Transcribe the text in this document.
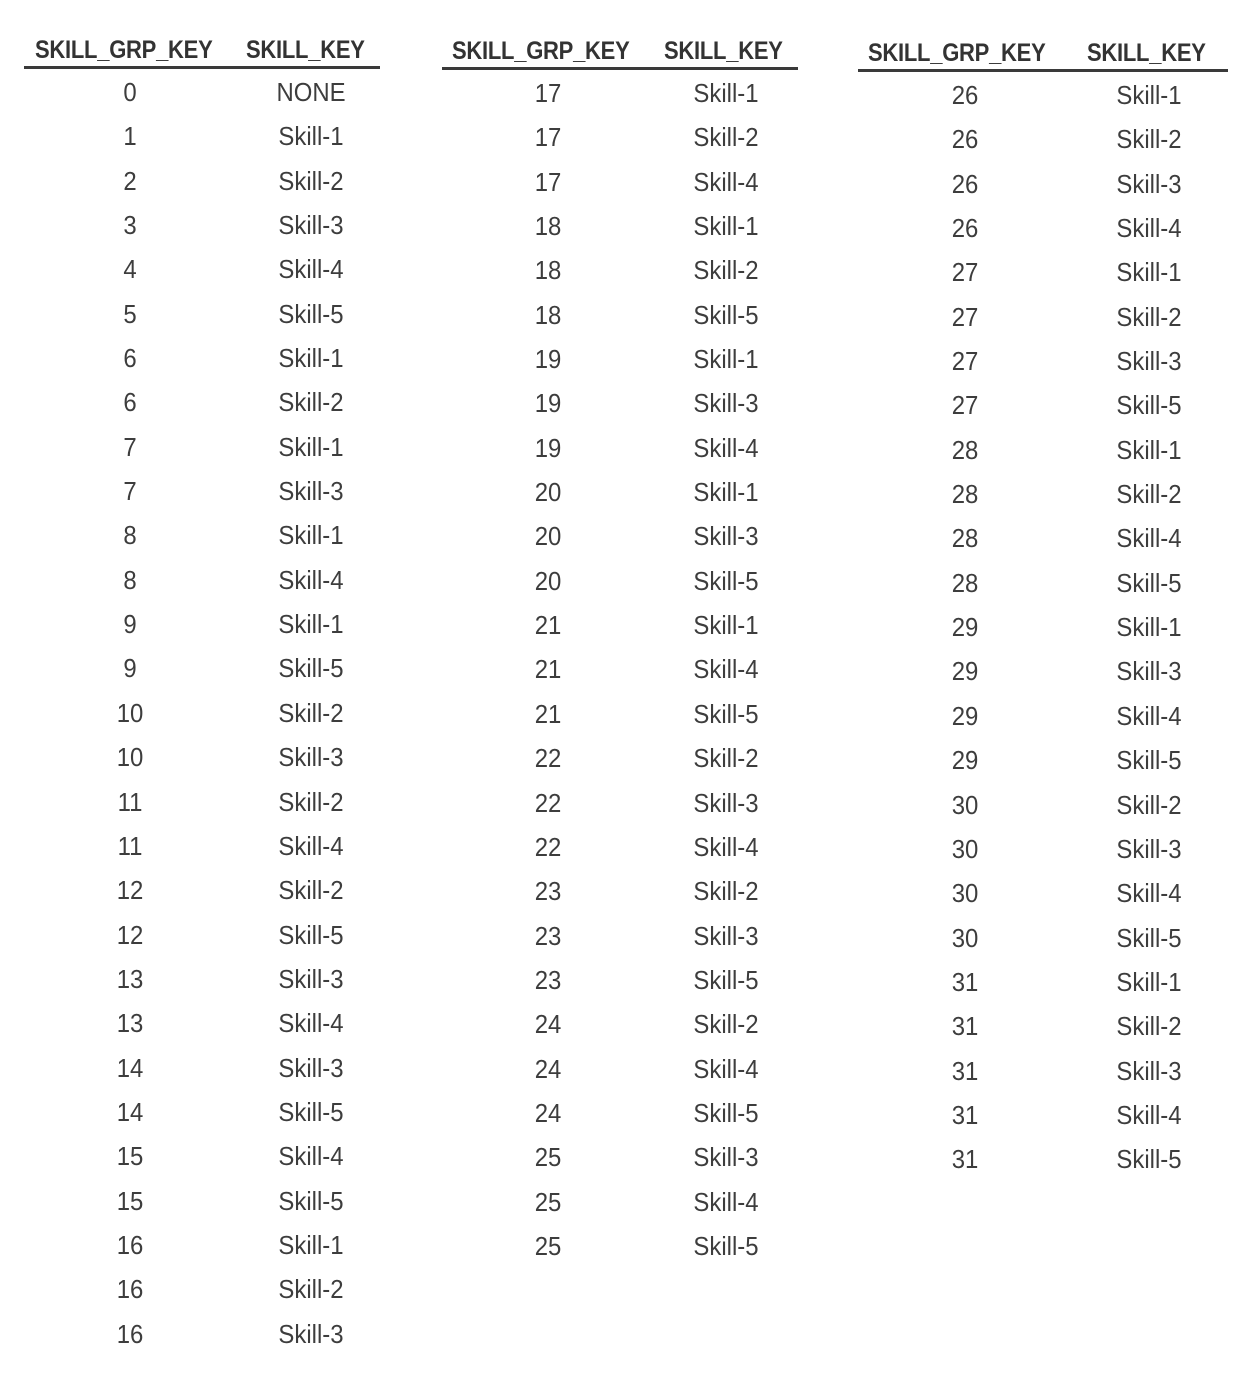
SKILL_GRP_KEY SKILL_KEY
0	NONE
1	Skill-1
2	Skill-2
3	Skill-3
4	Skill-4
5	Skill-5
6	Skill-1
6	Skill-2
7	Skill-1
7	Skill-3
8	Skill-1
8	Skill-4
9	Skill-1
9	Skill-5
10	Skill-2
10	Skill-3
11	Skill-2
11	Skill-4
12	Skill-2
12	Skill-5
13	Skill-3
13	Skill-4
14	Skill-3
14	Skill-5
15	Skill-4
15	Skill-5
16	Skill-1
16	Skill-2
16	Skill-3
SKILL_GRP_KEY SKILL_KEY
17	Skill-1
17	Skill-2
17	Skill-4
18	Skill-1
18	Skill-2
18	Skill-5
19	Skill-1
19	Skill-3
19	Skill-4
20	Skill-1
20	Skill-3
20	Skill-5
21	Skill-1
21	Skill-4
21	Skill-5
22	Skill-2
22	Skill-3
22	Skill-4
23	Skill-2
23	Skill-3
23	Skill-5
24	Skill-2
24	Skill-4
24	Skill-5
25	Skill-3
25	Skill-4
25	Skill-5
SKILL_GRP_KEY SKILL_KEY
26	Skill-1
26	Skill-2
26	Skill-3
26	Skill-4
27	Skill-1
27	Skill-2
27	Skill-3
27	Skill-5
28	Skill-1
28	Skill-2
28	Skill-4
28	Skill-5
29	Skill-1
29	Skill-3
29	Skill-4
29	Skill-5
30	Skill-2
30	Skill-3
30	Skill-4
30	Skill-5
31	Skill-1
31	Skill-2
31	Skill-3
31	Skill-4
31	Skill-5
